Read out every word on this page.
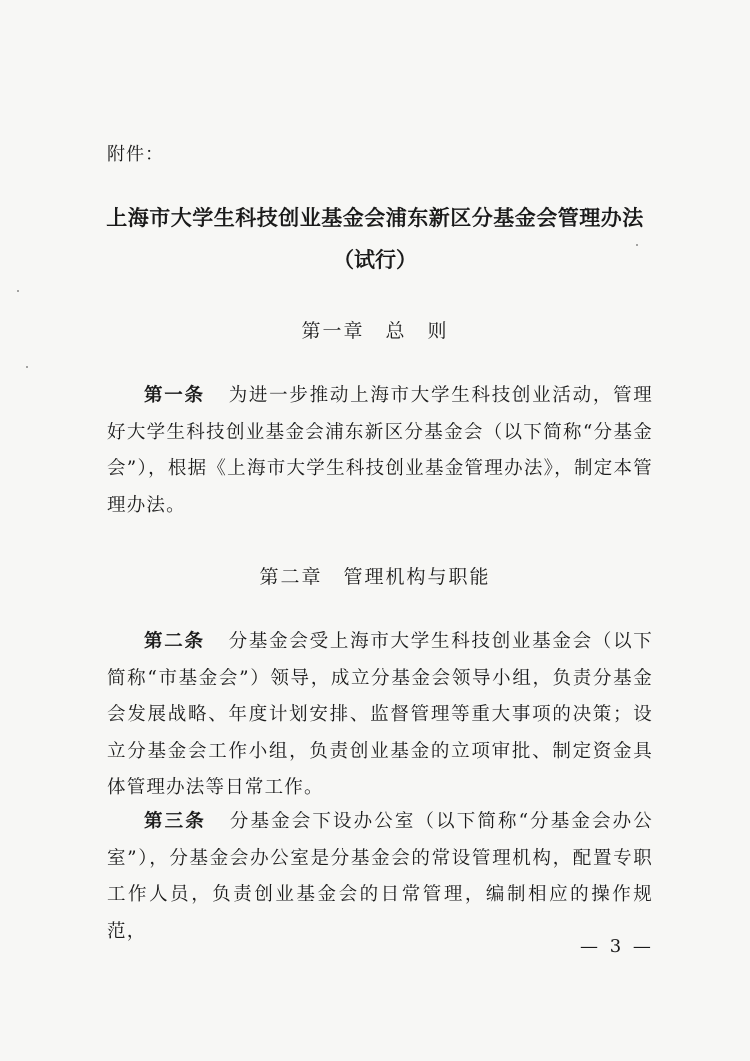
附件：
上海市大学生科技创业基金会浦东新区分基金会管理办法
（试行）
第一章　总　则
第一条 为进一步推动上海市大学生科技创业活动，管理好大学生科技创业基金会浦东新区分基金会（以下简称“分基金会”），根据《上海市大学生科技创业基金管理办法》，制定本管理办法。
第二章　管理机构与职能
第二条 分基金会受上海市大学生科技创业基金会（以下简称“市基金会”）领导，成立分基金会领导小组，负责分基金会发展战略、年度计划安排、监督管理等重大事项的决策；设立分基金会工作小组，负责创业基金的立项审批、制定资金具体管理办法等日常工作。
第三条 分基金会下设办公室（以下简称“分基金会办公室”），分基金会办公室是分基金会的常设管理机构，配置专职工作人员，负责创业基金会的日常管理，编制相应的操作规范，
— 3 —
